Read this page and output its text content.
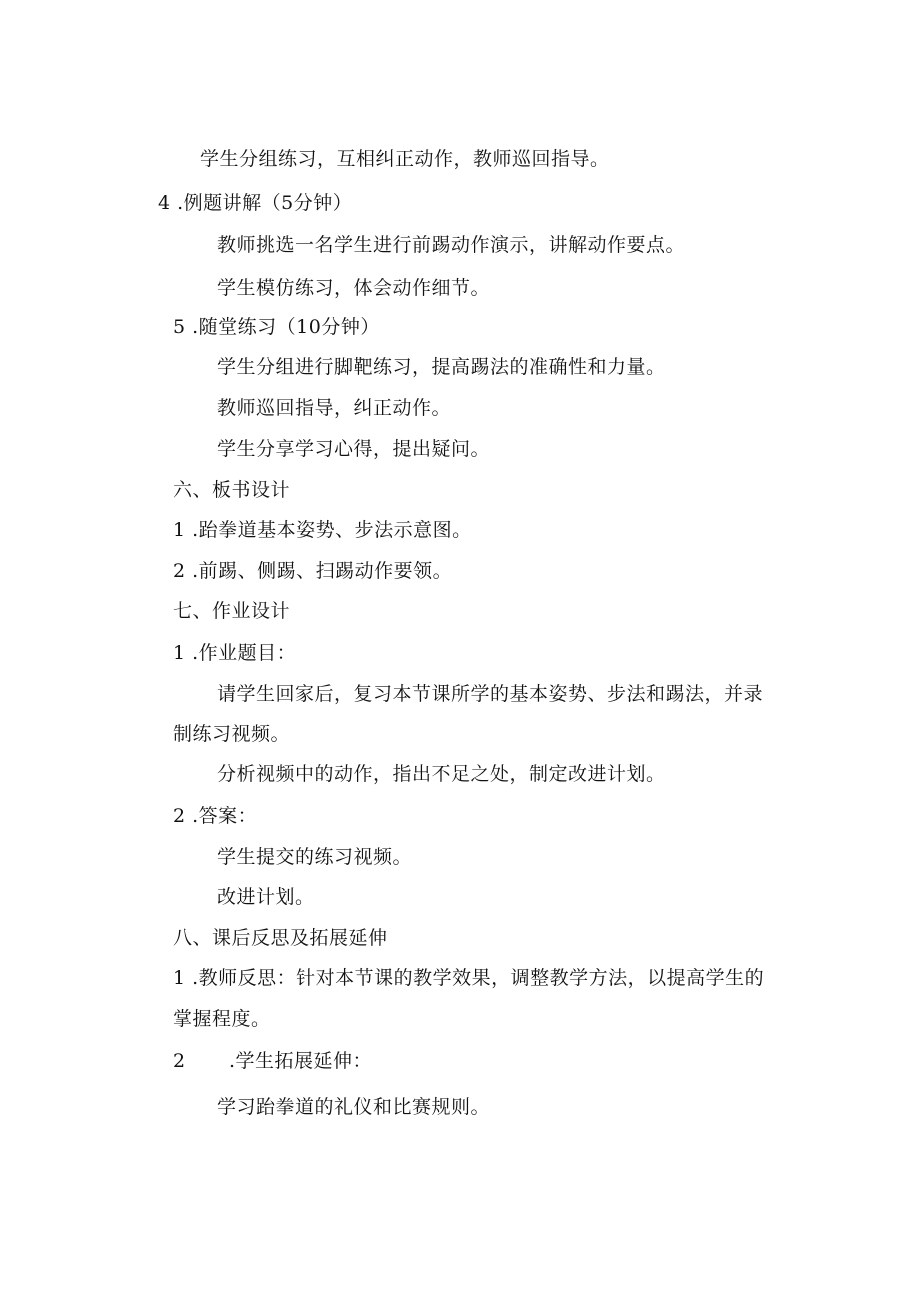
学生分组练习，互相纠正动作，教师巡回指导。
4 .例题讲解（5分钟）
教师挑选一名学生进行前踢动作演示，讲解动作要点。
学生模仿练习，体会动作细节。
5 .随堂练习（10分钟）
学生分组进行脚靶练习，提高踢法的准确性和力量。
教师巡回指导，纠正动作。
学生分享学习心得，提出疑问。
六、板书设计
1 .跆拳道基本姿势、步法示意图。
2 .前踢、侧踢、扫踢动作要领。
七、作业设计
1 .作业题目：
请学生回家后，复习本节课所学的基本姿势、步法和踢法，并录
制练习视频。
分析视频中的动作，指出不足之处，制定改进计划。
2 .答案：
学生提交的练习视频。
改进计划。
八、课后反思及拓展延伸
1 .教师反思：针对本节课的教学效果，调整教学方法，以提高学生的
掌握程度。
2 .学生拓展延伸：
学习跆拳道的礼仪和比赛规则。
